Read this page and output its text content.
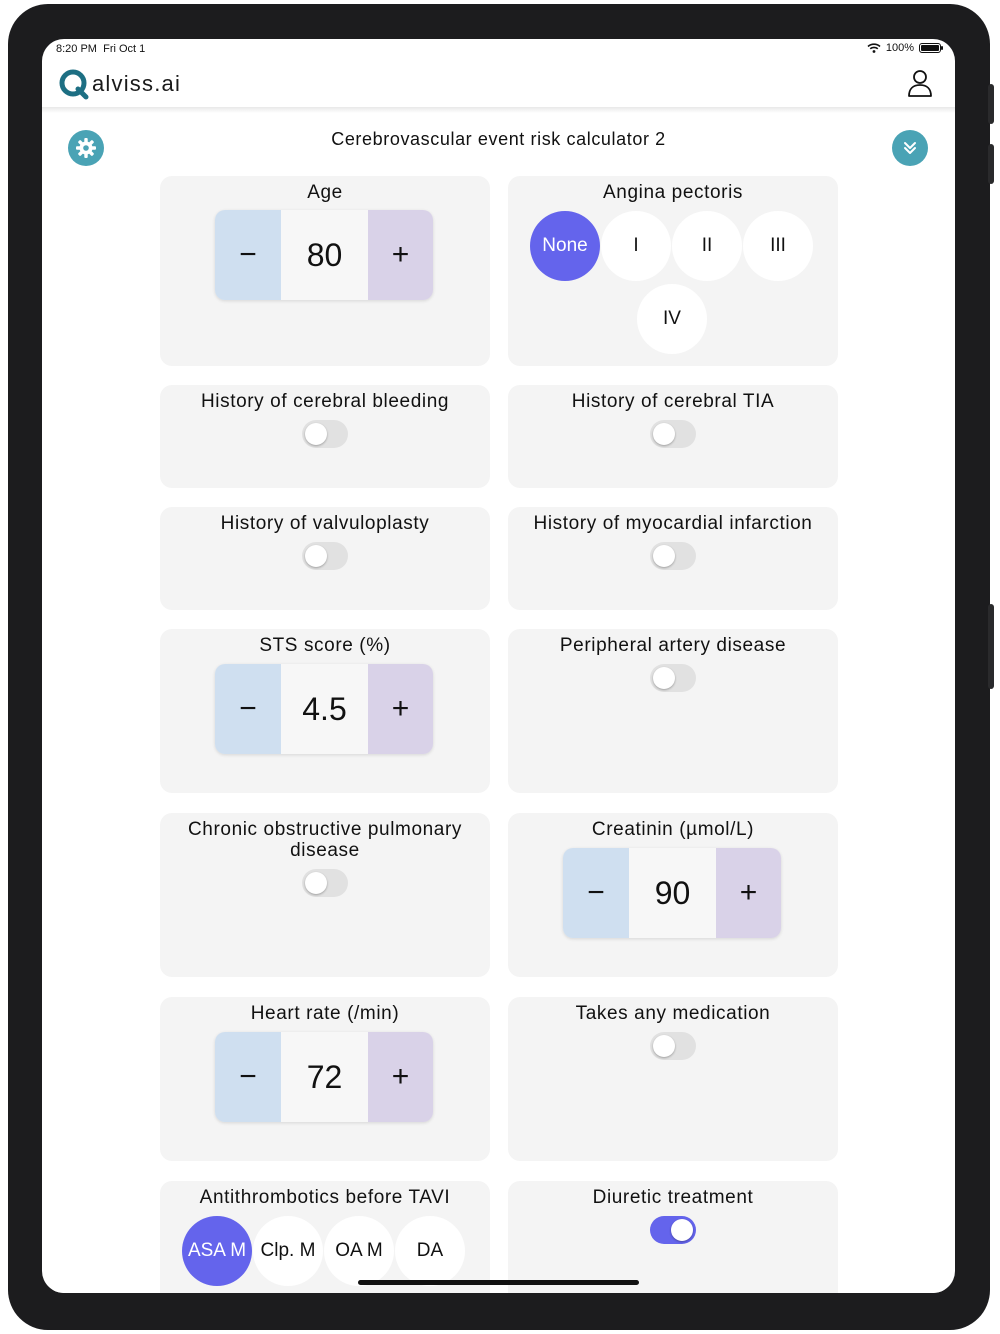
8:20 PM Fri Oct 1	100%
alviss.ai
Cerebrovascular event risk calculator 2
Age
−	80	+
Angina pectoris
None	I	II	III
IV
History of cerebral bleeding	History of cerebral TIA
History of valvuloplasty	History of myocardial infarction
STS score (%)
−	4.5	+
Peripheral artery disease
Chronic obstructive pulmonary disease
Creatinin (µmol/L)
−	90	+
Heart rate (/min)
−	72	+
Takes any medication
Antithrombotics before TAVI
ASA M Clp. M	OA M	DA
Diuretic treatment
